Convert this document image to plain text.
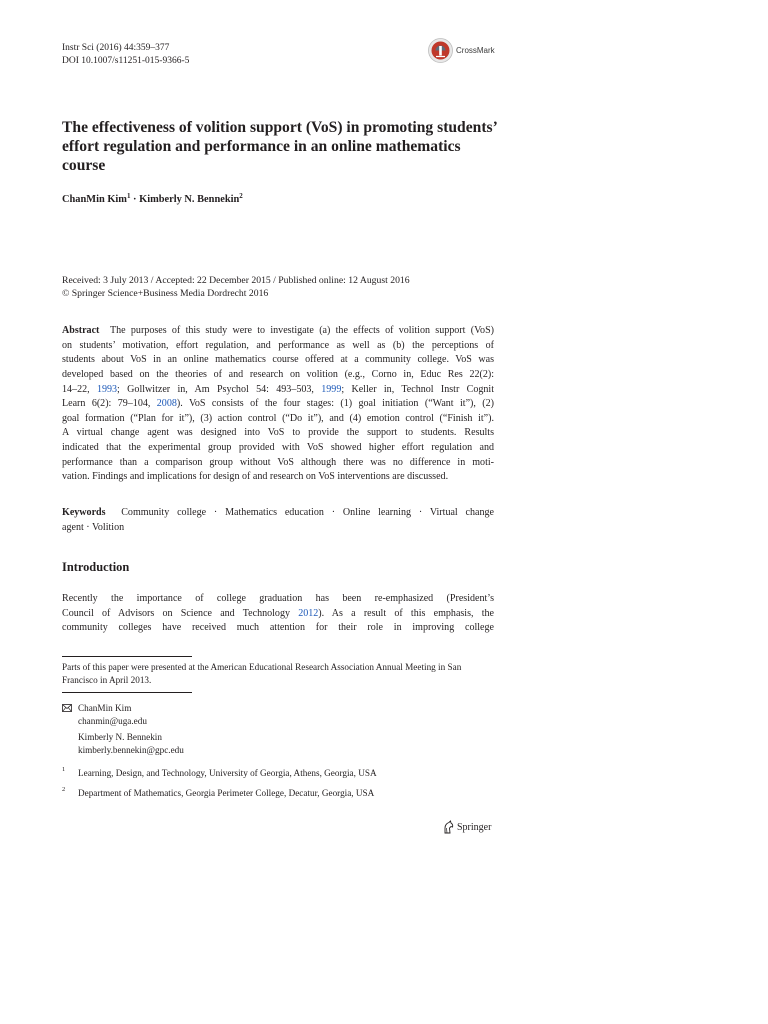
Instr Sci (2016) 44:359–377
DOI 10.1007/s11251-015-9366-5
CrossMark
The effectiveness of volition support (VoS) in promoting students’ effort regulation and performance in an online mathematics course
ChanMin Kim$^1$ · Kimberly N. Bennekin$^2$
Received: 3 July 2013 / Accepted: 22 December 2015 / Published online: 12 August 2016
© Springer Science+Business Media Dordrecht 2016
Abstract The purposes of this study were to investigate (a) the effects of volition support (VoS)
on students’ motivation, effort regulation, and performance as well as (b) the perceptions of
students about VoS in an online mathematics course offered at a community college. VoS was
developed based on the theories of and research on volition (e.g., Corno in, Educ Res 22(2):
14–22, 1993; Gollwitzer in, Am Psychol 54: 493–503, 1999; Keller in, Technol Instr Cognit
Learn 6(2): 79–104, 2008). VoS consists of the four stages: (1) goal initiation (“Want it”), (2)
goal formation (“Plan for it”), (3) action control (“Do it”), and (4) emotion control (“Finish it”).
A virtual change agent was designed into VoS to provide the support to students. Results
indicated that the experimental group provided with VoS showed higher effort regulation and
performance than a comparison group without VoS although there was no difference in moti-
vation. Findings and implications for design of and research on VoS interventions are discussed.
Keywords Community college · Mathematics education · Online learning · Virtual change
agent · Volition
Introduction
Recently the importance of college graduation has been re-emphasized (President’s
Council of Advisors on Science and Technology 2012). As a result of this emphasis, the
community colleges have received much attention for their role in improving college
Parts of this paper were presented at the American Educational Research Association Annual Meeting in San
Francisco in April 2013.
ChanMin Kim
chanmin@uga.edu
Kimberly N. Bennekin
kimberly.bennekin@gpc.edu
1 Learning, Design, and Technology, University of Georgia, Athens, Georgia, USA
2 Department of Mathematics, Georgia Perimeter College, Decatur, Georgia, USA
Springer
